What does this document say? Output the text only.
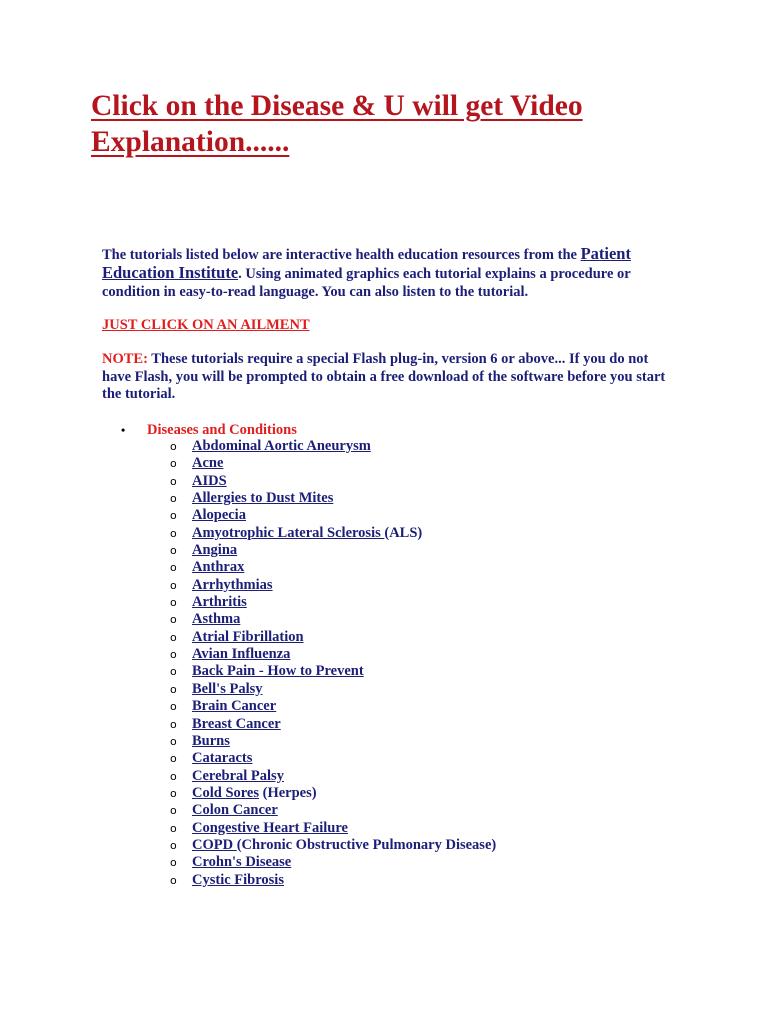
Click on the Disease & U will get Video Explanation......

The tutorials listed below are interactive health education resources from the Patient Education Institute. Using animated graphics each tutorial explains a procedure or condition in easy-to-read language. You can also listen to the tutorial.

JUST CLICK ON AN AILMENT

NOTE: These tutorials require a special Flash plug-in, version 6 or above... If you do not have Flash, you will be prompted to obtain a free download of the software before you start the tutorial.

•	Diseases and Conditions
o Abdominal Aortic Aneurysm
o Acne
o AIDS
o Allergies to Dust Mites
o Alopecia
o Amyotrophic Lateral Sclerosis (ALS)
o Angina
o Anthrax
o Arrhythmias
o Arthritis
o Asthma
o Atrial Fibrillation
o Avian Influenza
o Back Pain - How to Prevent
o Bell's Palsy
o Brain Cancer
o Breast Cancer
o Burns
o Cataracts
o Cerebral Palsy
o Cold Sores (Herpes)
o Colon Cancer
o Congestive Heart Failure
o COPD (Chronic Obstructive Pulmonary Disease)
o Crohn's Disease
o Cystic Fibrosis
